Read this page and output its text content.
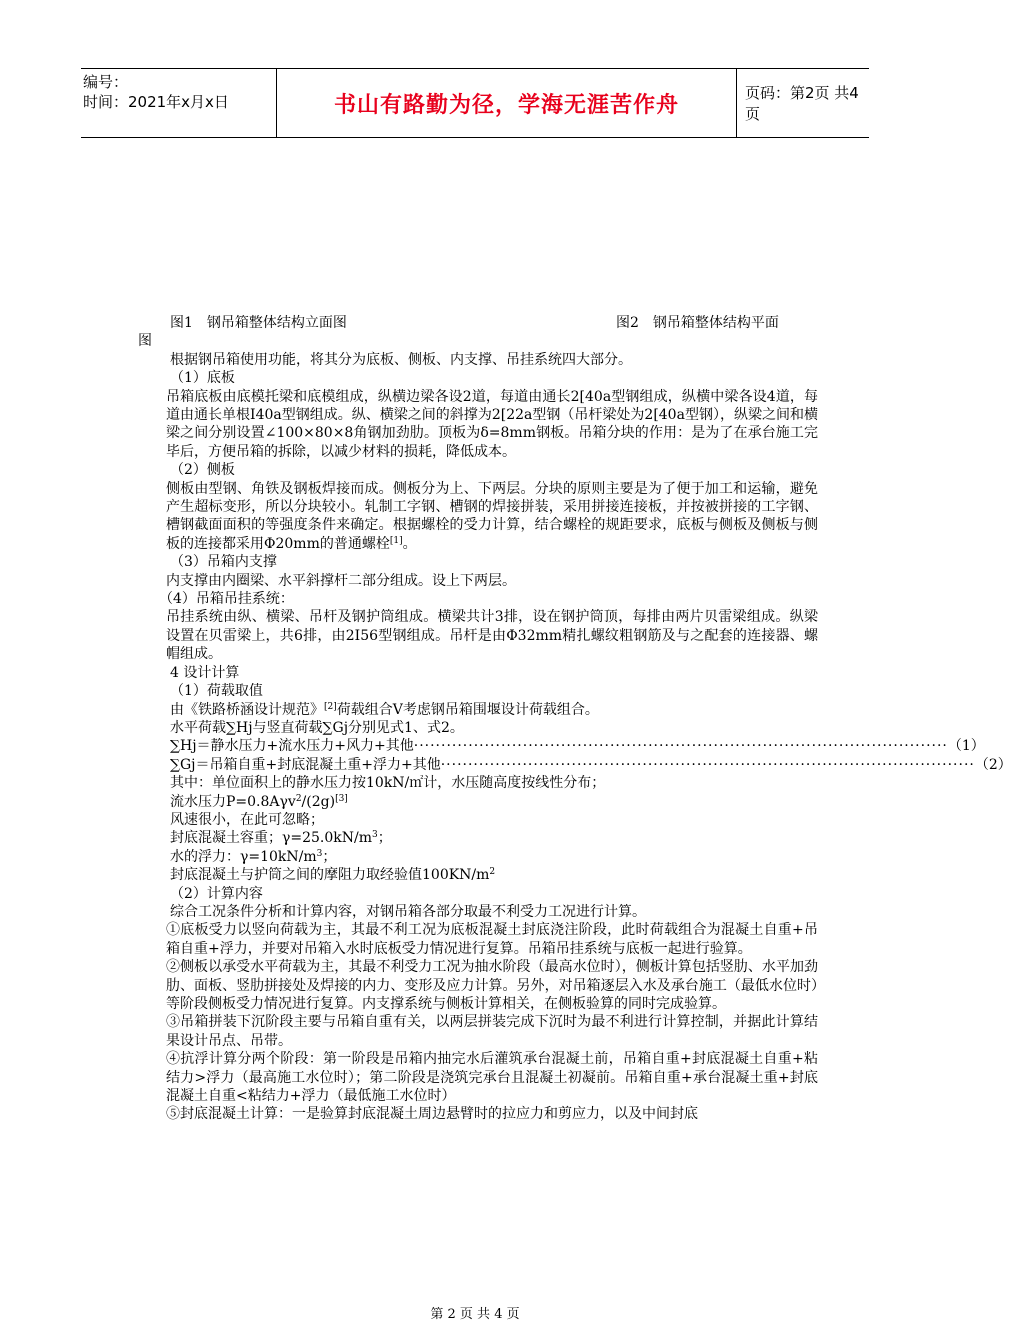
编号：
时间：2021年x月x日	书山有路勤为径，学海无涯苦作舟	页码：第2页 共4页
图1　钢吊箱整体结构立面图	图2　钢吊箱整体结构平面

图

根据钢吊箱使用功能，将其分为底板、侧板、内支撑、吊挂系统四大部分。

（1）底板

吊箱底板由底模托梁和底模组成，纵横边梁各设2道，每道由通长2[40a型钢组成，纵横中梁各设4道，每道由通长单根I40a型钢组成。纵、横梁之间的斜撑为2[22a型钢（吊杆梁处为2[40a型钢），纵梁之间和横梁之间分别设置∠100×80×8角钢加劲肋。顶板为δ=8mm钢板。吊箱分块的作用：是为了在承台施工完毕后，方便吊箱的拆除，以减少材料的损耗，降低成本。

（2）侧板

侧板由型钢、角铁及钢板焊接而成。侧板分为上、下两层。分块的原则主要是为了便于加工和运输，避免产生超标变形，所以分块较小。轧制工字钢、槽钢的焊接拼装，采用拼接连接板，并按被拼接的工字钢、槽钢截面面积的等强度条件来确定。根据螺栓的受力计算，结合螺栓的规距要求，底板与侧板及侧板与侧板的连接都采用Φ20mm的普通螺栓[1]。

（3）吊箱内支撑

内支撑由内圈梁、水平斜撑杆二部分组成。设上下两层。

（4）吊箱吊挂系统：

吊挂系统由纵、横梁、吊杆及钢护筒组成。横梁共计3排，设在钢护筒顶，每排由两片贝雷梁组成。纵梁设置在贝雷梁上，共6排，由2I56型钢组成。吊杆是由Φ32mm精扎螺纹粗钢筋及与之配套的连接器、螺帽组成。

4 设计计算

（1）荷载取值

由《铁路桥涵设计规范》[2]荷载组合Ⅴ考虑钢吊箱围堰设计荷载组合。

水平荷载∑Hj与竖直荷载∑Gj分别见式1、式2。

∑Hj＝静水压力+流水压力+风力+其他 ·································································································· （1）
∑Gj＝吊箱自重+封底混凝土重+浮力+其他 ·································································································· （2）

其中：单位面积上的静水压力按10kN/㎡计，水压随高度按线性分布；

流水压力P=0.8Aγv$^2$/(2g)[3]

风速很小，在此可忽略；

封底混凝土容重；$\gamma=25.0kN/m^3$；

水的浮力：$\gamma=10kN/m^3$；

封底混凝土与护筒之间的摩阻力取经验值$100KN/m^2$

（2）计算内容

综合工况条件分析和计算内容，对钢吊箱各部分取最不利受力工况进行计算。

①底板受力以竖向荷载为主，其最不利工况为底板混凝土封底浇注阶段，此时荷载组合为混凝土自重+吊箱自重+浮力，并要对吊箱入水时底板受力情况进行复算。吊箱吊挂系统与底板一起进行验算。

②侧板以承受水平荷载为主，其最不利受力工况为抽水阶段（最高水位时），侧板计算包括竖肋、水平加劲肋、面板、竖肋拼接处及焊接的内力、变形及应力计算。另外，对吊箱逐层入水及承台施工（最低水位时）等阶段侧板受力情况进行复算。内支撑系统与侧板计算相关，在侧板验算的同时完成验算。

③吊箱拼装下沉阶段主要与吊箱自重有关，以两层拼装完成下沉时为最不利进行计算控制，并据此计算结果设计吊点、吊带。

④抗浮计算分两个阶段：第一阶段是吊箱内抽完水后灌筑承台混凝土前，吊箱自重+封底混凝土自重+粘结力>浮力（最高施工水位时）；第二阶段是浇筑完承台且混凝土初凝前。吊箱自重+承台混凝土重+封底混凝土自重<粘结力+浮力（最低施工水位时）

⑤封底混凝土计算：一是验算封底混凝土周边悬臂时的拉应力和剪应力，以及中间封底

第 2 页 共 4 页
